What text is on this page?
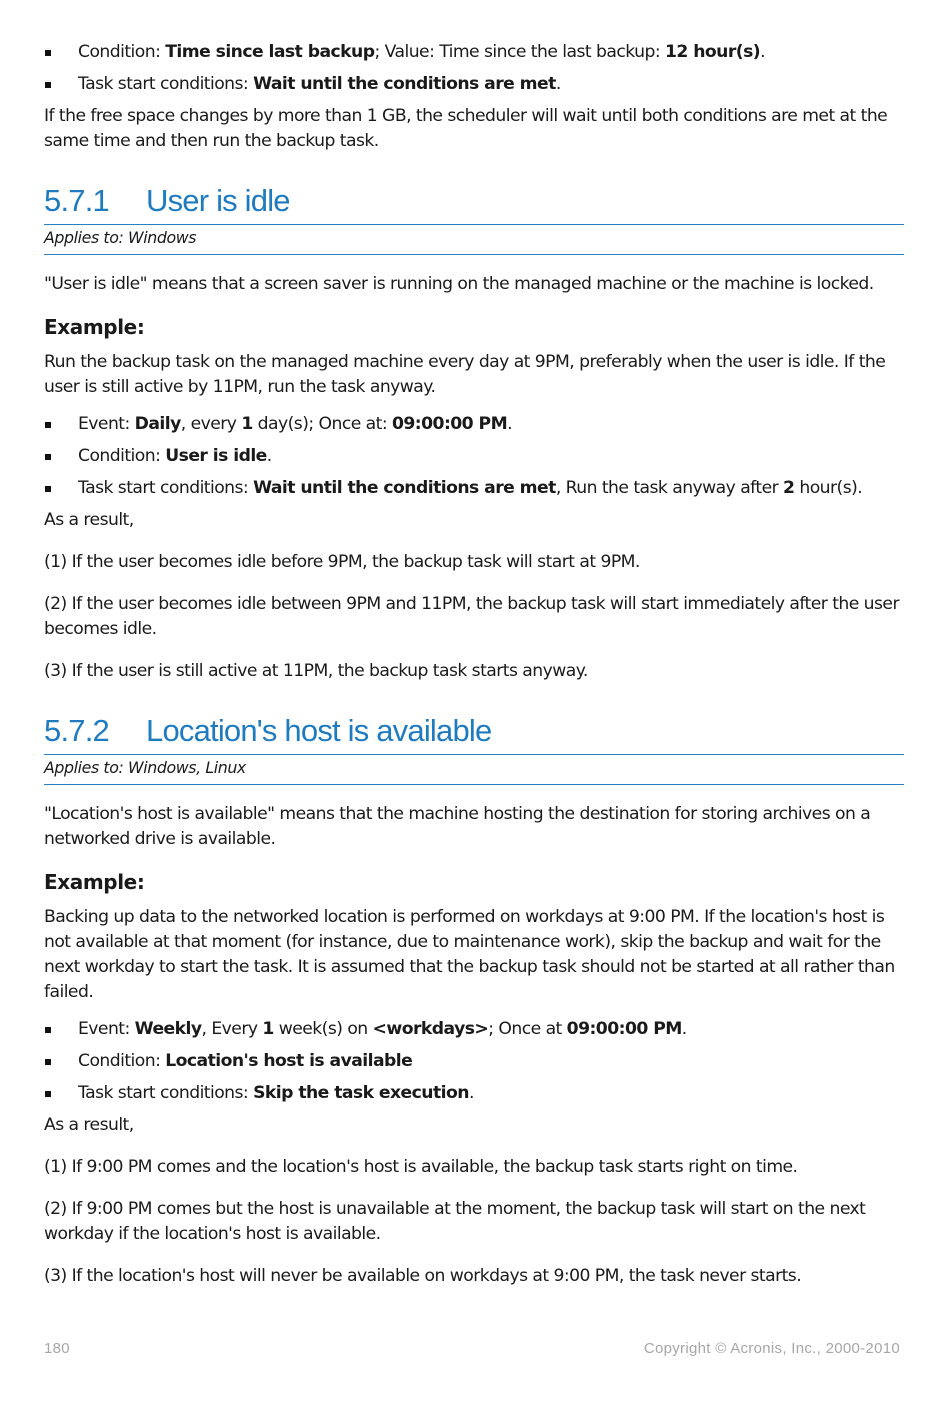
Condition: Time since last backup; Value: Time since the last backup: 12 hour(s).
Task start conditions: Wait until the conditions are met.

If the free space changes by more than 1 GB, the scheduler will wait until both conditions are met at the same time and then run the backup task.

5.7.1 User is idle
Applies to: Windows

"User is idle" means that a screen saver is running on the managed machine or the machine is locked.

Example:

Run the backup task on the managed machine every day at 9PM, preferably when the user is idle. If the user is still active by 11PM, run the task anyway.

Event: Daily, every 1 day(s); Once at: 09:00:00 PM.
Condition: User is idle.
Task start conditions: Wait until the conditions are met, Run the task anyway after 2 hour(s).

As a result,

(1) If the user becomes idle before 9PM, the backup task will start at 9PM.

(2) If the user becomes idle between 9PM and 11PM, the backup task will start immediately after the user becomes idle.

(3) If the user is still active at 11PM, the backup task starts anyway.

5.7.2 Location's host is available
Applies to: Windows, Linux

"Location's host is available" means that the machine hosting the destination for storing archives on a networked drive is available.

Example:

Backing up data to the networked location is performed on workdays at 9:00 PM. If the location's host is not available at that moment (for instance, due to maintenance work), skip the backup and wait for the next workday to start the task. It is assumed that the backup task should not be started at all rather than failed.

Event: Weekly, Every 1 week(s) on <workdays>; Once at 09:00:00 PM.
Condition: Location's host is available
Task start conditions: Skip the task execution.

As a result,

(1) If 9:00 PM comes and the location's host is available, the backup task starts right on time.

(2) If 9:00 PM comes but the host is unavailable at the moment, the backup task will start on the next workday if the location's host is available.

(3) If the location's host will never be available on workdays at 9:00 PM, the task never starts.

180	Copyright © Acronis, Inc., 2000-2010
